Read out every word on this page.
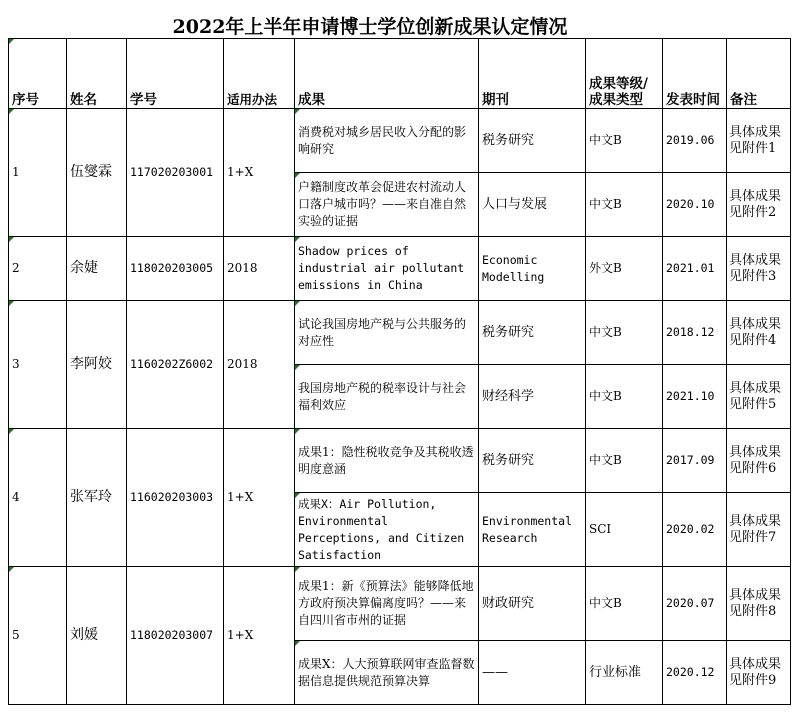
2022年上半年申请博士学位创新成果认定情况
序号	姓名	学号	适用办法	成果	期刊	成果等级/成果类型	发表时间	备注
1	伍燮霖	117020203001	1+X	消费税对城乡居民收入分配的影响研究	税务研究	中文B	2019.06	具体成果见附件1
				户籍制度改革会促进农村流动人口落户城市吗？——来自准自然实验的证据	人口与发展	中文B	2020.10	具体成果见附件2
2	余婕	118020203005	2018	Shadow prices of industrial air pollutant emissions in China	Economic Modelling	外文B	2021.01	具体成果见附件3
3	李阿姣	1160202Z6002	2018	试论我国房地产税与公共服务的对应性	税务研究	中文B	2018.12	具体成果见附件4
				我国房地产税的税率设计与社会福利效应	财经科学	中文B	2021.10	具体成果见附件5
4	张军玲	116020203003	1+X	成果1：隐性税收竞争及其税收透明度意涵	税务研究	中文B	2017.09	具体成果见附件6
				成果X：Air Pollution, Environmental Perceptions, and Citizen Satisfaction	Environmental Research	SCI	2020.02	具体成果见附件7
5	刘媛	118020203007	1+X	成果1：新《预算法》能够降低地方政府预决算偏离度吗？——来自四川省市州的证据	财政研究	中文B	2020.07	具体成果见附件8
				成果X：人大预算联网审查监督数据信息提供规范预算决算	——	行业标准	2020.12	具体成果见附件9
